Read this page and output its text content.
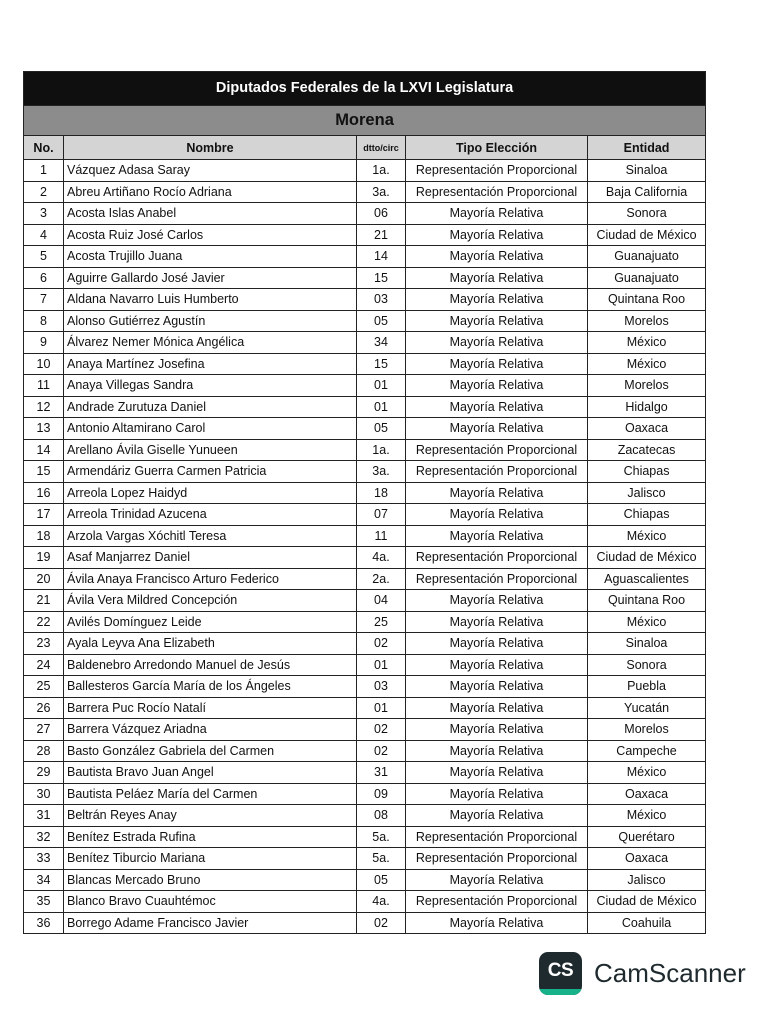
Diputados Federales de la LXVI Legislatura				
Morena				
No.	Nombre	dtto/circ	Tipo Elección	Entidad
1	Vázquez Adasa Saray	1a.	Representación Proporcional	Sinaloa
2	Abreu Artiñano Rocío Adriana	3a.	Representación Proporcional	Baja California
3	Acosta Islas Anabel	06	Mayoría Relativa	Sonora
4	Acosta Ruiz José Carlos	21	Mayoría Relativa	Ciudad de México
5	Acosta Trujillo Juana	14	Mayoría Relativa	Guanajuato
6	Aguirre Gallardo José Javier	15	Mayoría Relativa	Guanajuato
7	Aldana Navarro Luis Humberto	03	Mayoría Relativa	Quintana Roo
8	Alonso Gutiérrez Agustín	05	Mayoría Relativa	Morelos
9	Álvarez Nemer Mónica Angélica	34	Mayoría Relativa	México
10	Anaya Martínez Josefina	15	Mayoría Relativa	México
11	Anaya Villegas Sandra	01	Mayoría Relativa	Morelos
12	Andrade Zurutuza Daniel	01	Mayoría Relativa	Hidalgo
13	Antonio Altamirano Carol	05	Mayoría Relativa	Oaxaca
14	Arellano Ávila Giselle Yunueen	1a.	Representación Proporcional	Zacatecas
15	Armendáriz Guerra Carmen Patricia	3a.	Representación Proporcional	Chiapas
16	Arreola Lopez Haidyd	18	Mayoría Relativa	Jalisco
17	Arreola Trinidad Azucena	07	Mayoría Relativa	Chiapas
18	Arzola Vargas Xóchitl Teresa	11	Mayoría Relativa	México
19	Asaf Manjarrez Daniel	4a.	Representación Proporcional	Ciudad de México
20	Ávila Anaya Francisco Arturo Federico	2a.	Representación Proporcional	Aguascalientes
21	Ávila Vera Mildred Concepción	04	Mayoría Relativa	Quintana Roo
22	Avilés Domínguez Leide	25	Mayoría Relativa	México
23	Ayala Leyva Ana Elizabeth	02	Mayoría Relativa	Sinaloa
24	Baldenebro Arredondo Manuel de Jesús	01	Mayoría Relativa	Sonora
25	Ballesteros García María de los Ángeles	03	Mayoría Relativa	Puebla
26	Barrera Puc Rocío Natalí	01	Mayoría Relativa	Yucatán
27	Barrera Vázquez Ariadna	02	Mayoría Relativa	Morelos
28	Basto González Gabriela del Carmen	02	Mayoría Relativa	Campeche
29	Bautista Bravo Juan Angel	31	Mayoría Relativa	México
30	Bautista Peláez María del Carmen	09	Mayoría Relativa	Oaxaca
31	Beltrán Reyes Anay	08	Mayoría Relativa	México
32	Benítez Estrada Rufina	5a.	Representación Proporcional	Querétaro
33	Benítez Tiburcio Mariana	5a.	Representación Proporcional	Oaxaca
34	Blancas Mercado Bruno	05	Mayoría Relativa	Jalisco
35	Blanco Bravo Cuauhtémoc	4a.	Representación Proporcional	Ciudad de México
36	Borrego Adame Francisco Javier	02	Mayoría Relativa	Coahuila
CS CamScanner
